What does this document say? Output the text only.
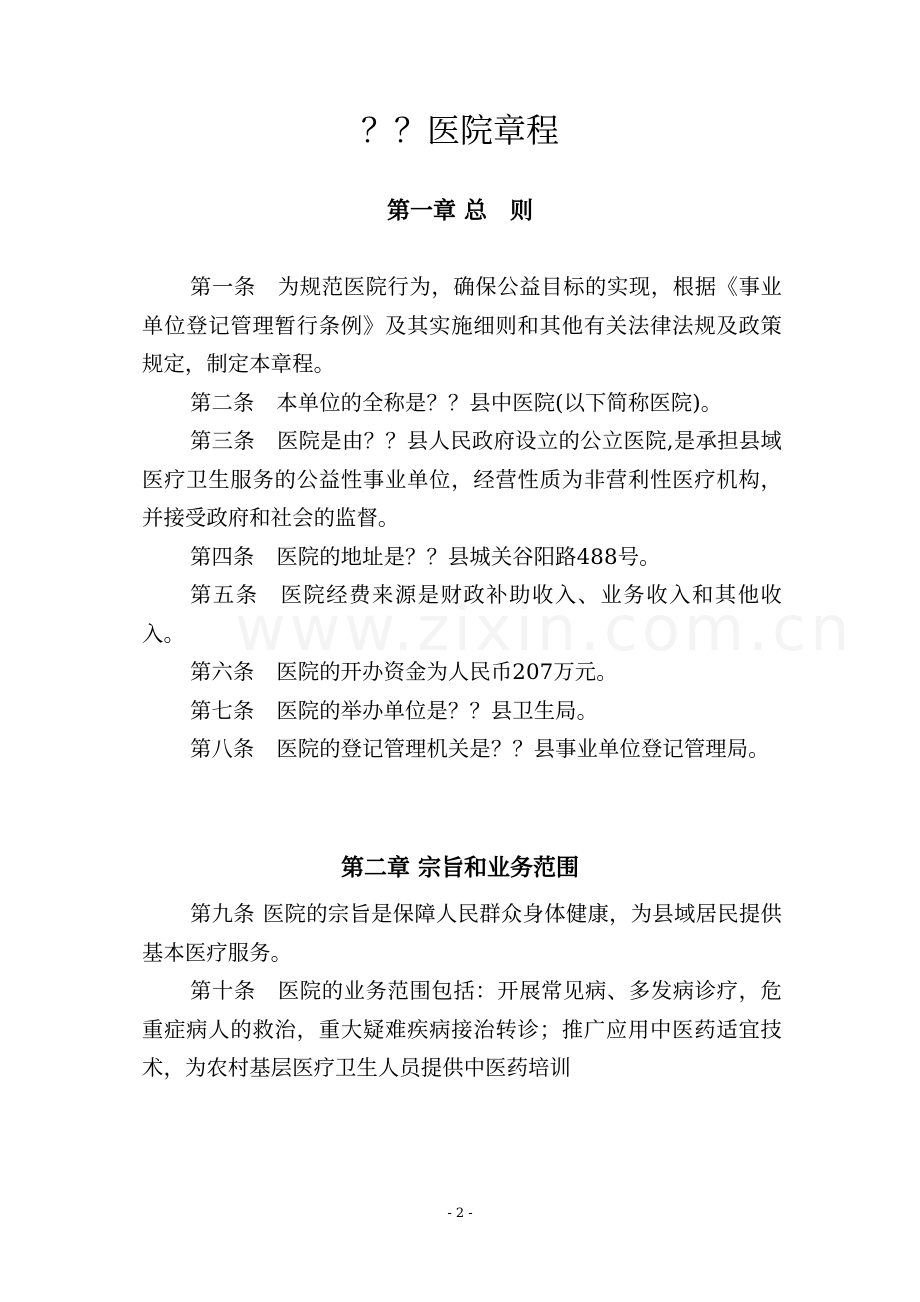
？？医院章程
第一章 总　则

第一条 为规范医院行为，确保公益目标的实现，根据《事业单位登记管理暂行条例》及其实施细则和其他有关法律法规及政策规定，制定本章程。

第二条 本单位的全称是？？县中医院(以下简称医院)。

第三条 医院是由？？县人民政府设立的公立医院,是承担县域医疗卫生服务的公益性事业单位，经营性质为非营利性医疗机构，并接受政府和社会的监督。

第四条 医院的地址是？？县城关谷阳路488号。

第五条 医院经费来源是财政补助收入、业务收入和其他收入。

第六条 医院的开办资金为人民币207万元。

第七条 医院的举办单位是？？县卫生局。

第八条 医院的登记管理机关是？？县事业单位登记管理局。

第二章 宗旨和业务范围

第九条 医院的宗旨是保障人民群众身体健康，为县域居民提供基本医疗服务。

第十条 医院的业务范围包括：开展常见病、多发病诊疗，危重症病人的救治，重大疑难疾病接治转诊；推广应用中医药适宜技术，为农村基层医疗卫生人员提供中医药培训

- 2 -
